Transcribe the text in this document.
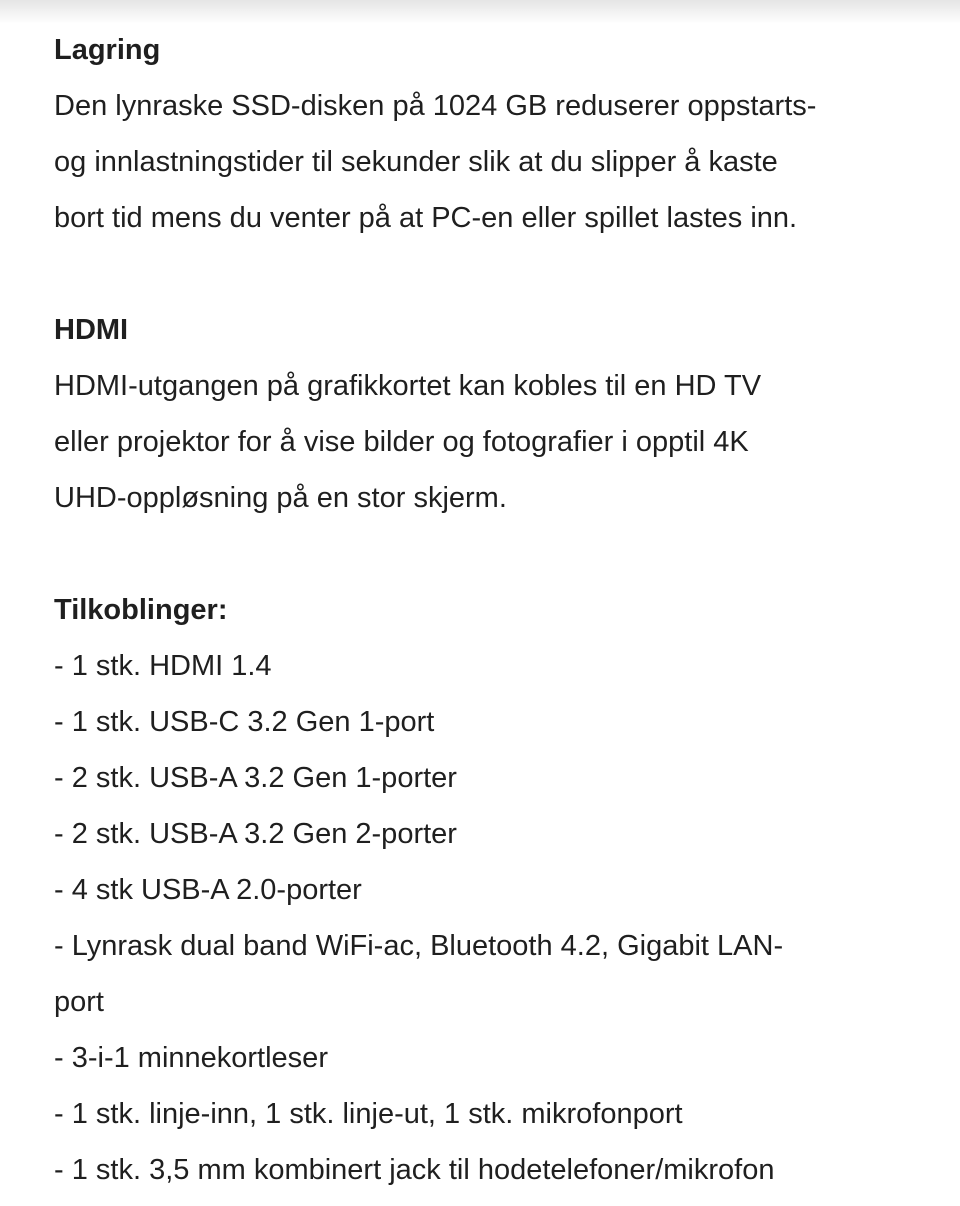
Lagring
Den lynraske SSD-disken på 1024 GB reduserer oppstarts-
og innlastningstider til sekunder slik at du slipper å kaste
bort tid mens du venter på at PC-en eller spillet lastes inn.
HDMI
HDMI-utgangen på grafikkortet kan kobles til en HD TV
eller projektor for å vise bilder og fotografier i opptil 4K
UHD-oppløsning på en stor skjerm.
Tilkoblinger:
- 1 stk. HDMI 1.4
- 1 stk. USB-C 3.2 Gen 1-port
- 2 stk. USB-A 3.2 Gen 1-porter
- 2 stk. USB-A 3.2 Gen 2-porter
- 4 stk USB-A 2.0-porter
- Lynrask dual band WiFi-ac, Bluetooth 4.2, Gigabit LAN-
port
- 3-i-1 minnekortleser
- 1 stk. linje-inn, 1 stk. linje-ut, 1 stk. mikrofonport
- 1 stk. 3,5 mm kombinert jack til hodetelefoner/mikrofon
